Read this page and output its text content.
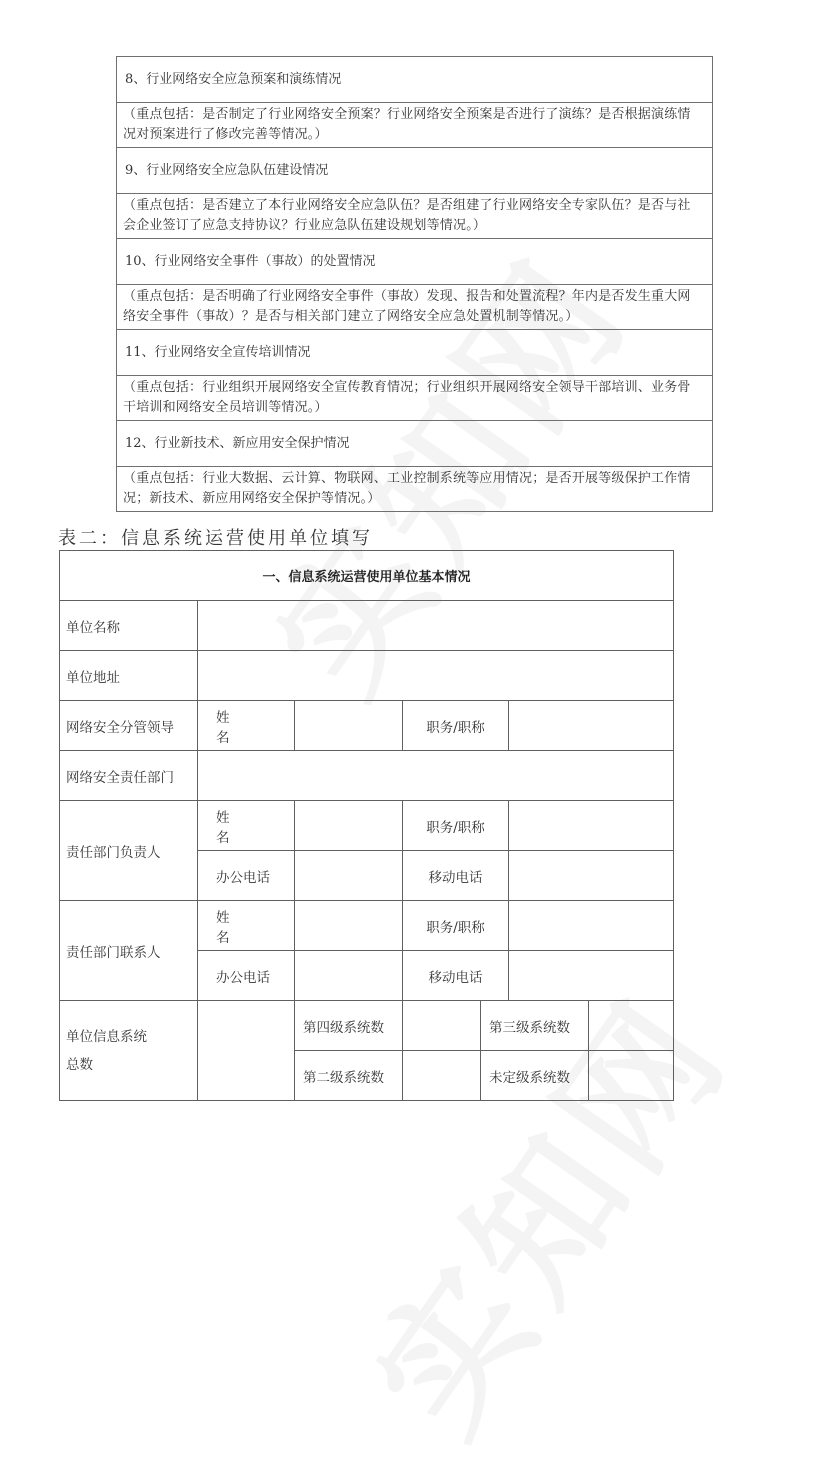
8、行业网络安全应急预案和演练情况
（重点包括：是否制定了行业网络安全预案？行业网络安全预案是否进行了演练？是否根据演练情况对预案进行了修改完善等情况。）
9、行业网络安全应急队伍建设情况
（重点包括：是否建立了本行业网络安全应急队伍？是否组建了行业网络安全专家队伍？是否与社会企业签订了应急支持协议？行业应急队伍建设规划等情况。）
10、行业网络安全事件（事故）的处置情况
（重点包括：是否明确了行业网络安全事件（事故）发现、报告和处置流程？年内是否发生重大网络安全事件（事故）？是否与相关部门建立了网络安全应急处置机制等情况。）
11、行业网络安全宣传培训情况
（重点包括：行业组织开展网络安全宣传教育情况；行业组织开展网络安全领导干部培训、业务骨干培训和网络安全员培训等情况。）
12、行业新技术、新应用安全保护情况
（重点包括：行业大数据、云计算、物联网、工业控制系统等应用情况；是否开展等级保护工作情况；新技术、新应用网络安全保护等情况。）
表二：信息系统运营使用单位填写
一、信息系统运营使用单位基本情况						
单位名称						

单位地址						

网络安全分管领导	姓名		职务/职称			

网络安全责任部门						

责任部门负责人	姓名		职务/职称			

	办公电话		移动电话			

责任部门联系人	姓名		职务/职称			

	办公电话		移动电话			

单位信息系统
总数		第四级系统数		第三级系统数		

		第二级系统数		未定级系统数		
